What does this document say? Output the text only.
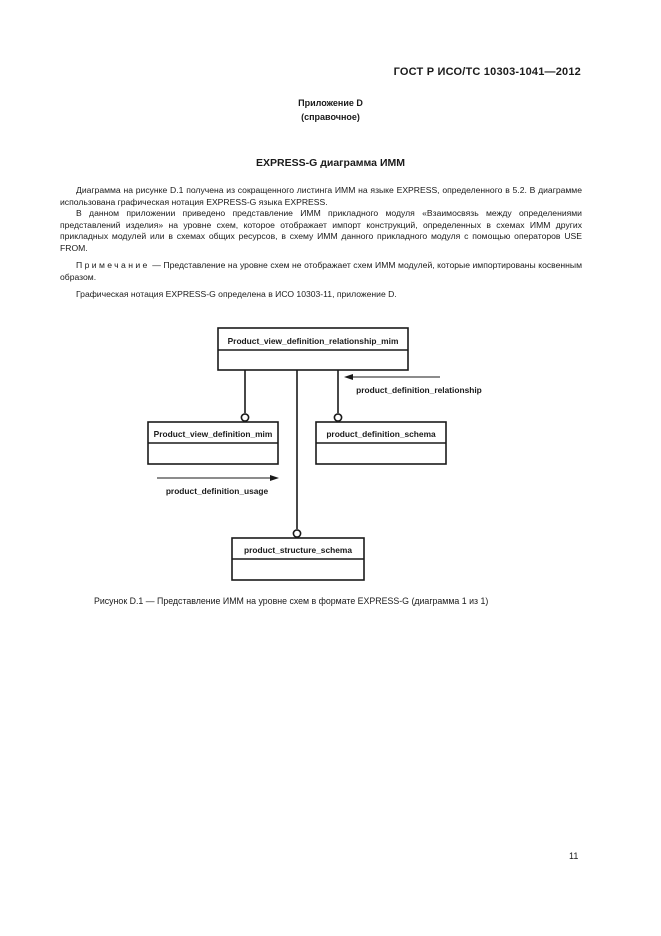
ГОСТ Р ИСО/ТС 10303-1041—2012
Приложение D
(справочное)
EXPRESS-G диаграмма ИММ

Диаграмма на рисунке D.1 получена из сокращенного листинга ИММ на языке EXPRESS, определенного в 5.2. В диаграмме использована графическая нотация EXPRESS-G языка EXPRESS.

В данном приложении приведено представление ИММ прикладного модуля «Взаимосвязь между определениями представлений изделия» на уровне схем, которое отображает импорт конструкций, определенных в схемах ИММ других прикладных модулей или в схемах общих ресурсов, в схему ИММ данного прикладного модуля с помощью операторов USE FROM.

Примечание — Представление на уровне схем не отображает схем ИММ модулей, которые импортированы косвенным образом.

Графическая нотация EXPRESS-G определена в ИСО 10303-11, приложение D.

Product_view_definition_relationship_mim
Product_view_definition_mim	product_definition_schema
product_structure_schema
product_definition_relationship
product_definition_usage
Рисунок D.1 — Представление ИММ на уровне схем в формате EXPRESS-G (диаграмма 1 из 1)
11
